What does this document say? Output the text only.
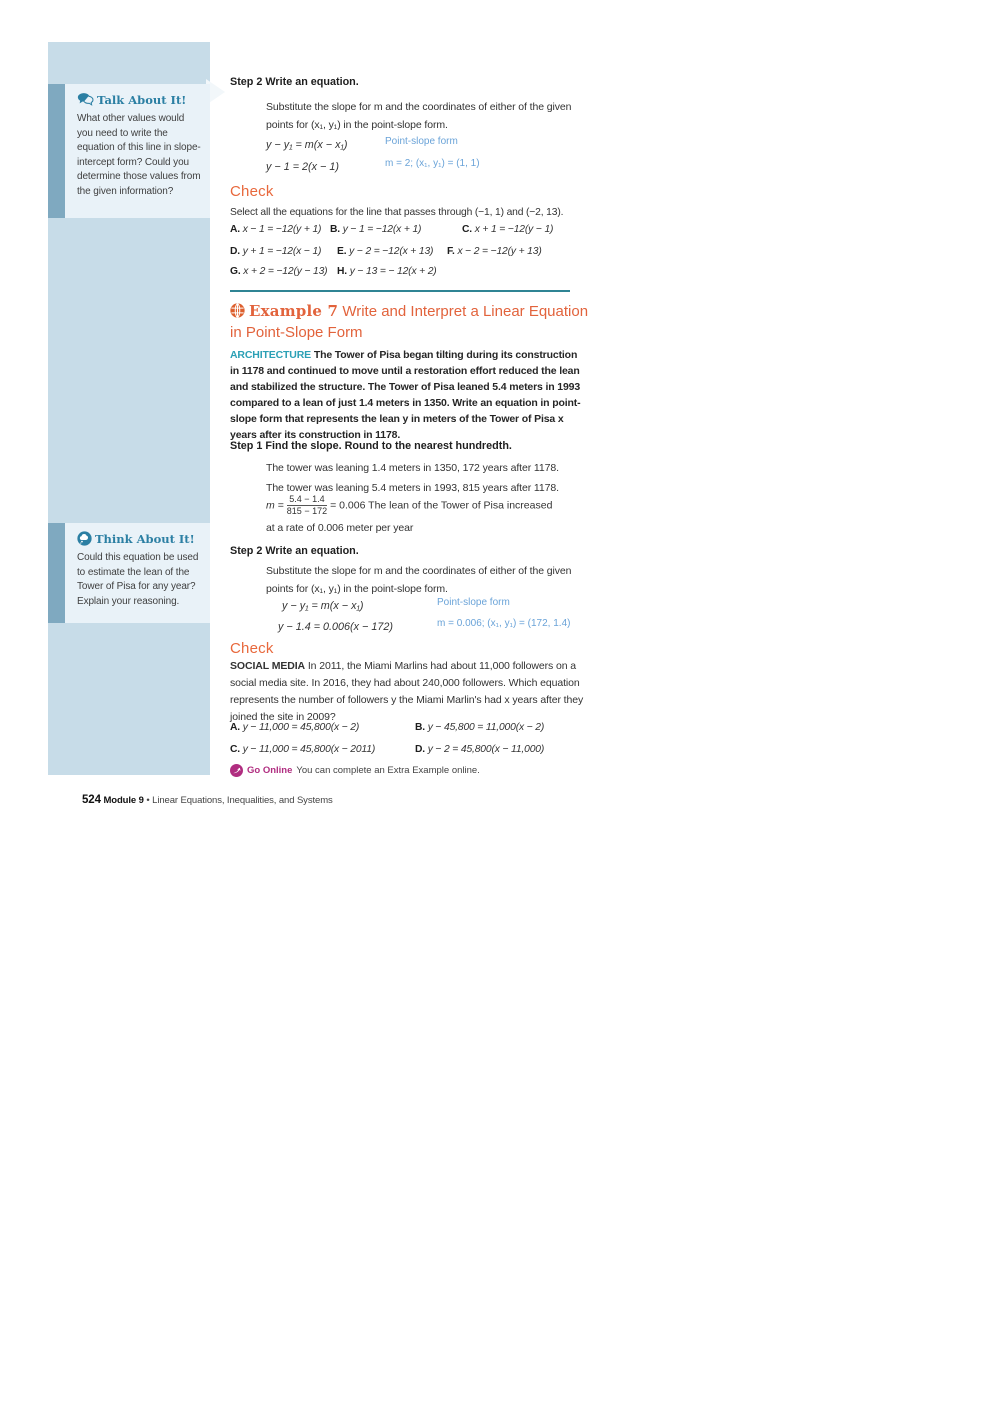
Talk About It!

What other values would you need to write the equation of this line in slope-intercept form? Could you determine those values from the given information?

Think About It!

Could this equation be used to estimate the lean of the Tower of Pisa for any year? Explain your reasoning.

Step 2 Write an equation.
Substitute the slope for m and the coordinates of either of the given points for (x₁, y₁) in the point-slope form.
y − y₁ = m(x − x₁)	Point-slope form
y − 1 = 2(x − 1)	m = 2; (x₁, y₁) = (1, 1)
Check
Select all the equations for the line that passes through (−1, 1) and (−2, 13).
A. x − 1 = −12(y + 1) B. y − 1 = −12(x + 1)	C. x + 1 = −12(y − 1)
D. y + 1 = −12(x − 1) E. y − 2 = −12(x + 13) F. x − 2 = −12(y + 13)
G. x + 2 = −12(y − 13) H. y − 13 = − 12(x + 2)
Example 7 Write and Interpret a Linear Equation in Point-Slope Form
ARCHITECTURE The Tower of Pisa began tilting during its construction in 1178 and continued to move until a restoration effort reduced the lean and stabilized the structure. The Tower of Pisa leaned 5.4 meters in 1993 compared to a lean of just 1.4 meters in 1350. Write an equation in point-slope form that represents the lean y in meters of the Tower of Pisa x years after its construction in 1178.
Step 1 Find the slope. Round to the nearest hundredth.
The tower was leaning 1.4 meters in 1350, 172 years after 1178.
The tower was leaning 5.4 meters in 1993, 815 years after 1178.
$m = \frac{5.4 - 1.4}{815 - 172} = 0.006$ The lean of the Tower of Pisa increased
at a rate of 0.006 meter per year
Step 2 Write an equation.
Substitute the slope for m and the coordinates of either of the given points for (x₁, y₁) in the point-slope form.
y − y₁ = m(x − x₁)	Point-slope form
y − 1.4 = 0.006(x − 172)	m = 0.006; (x₁, y₁) = (172, 1.4)
Check
SOCIAL MEDIA In 2011, the Miami Marlins had about 11,000 followers on a social media site. In 2016, they had about 240,000 followers. Which equation represents the number of followers y the Miami Marlin's had x years after they joined the site in 2009?
A. y − 11,000 = 45,800(x − 2)	B. y − 45,800 = 11,000(x − 2)
C. y − 11,000 = 45,800(x − 2011)	D. y − 2 = 45,800(x − 11,000)
Go Online You can complete an Extra Example online.
524 Module 9 • Linear Equations, Inequalities, and Systems
